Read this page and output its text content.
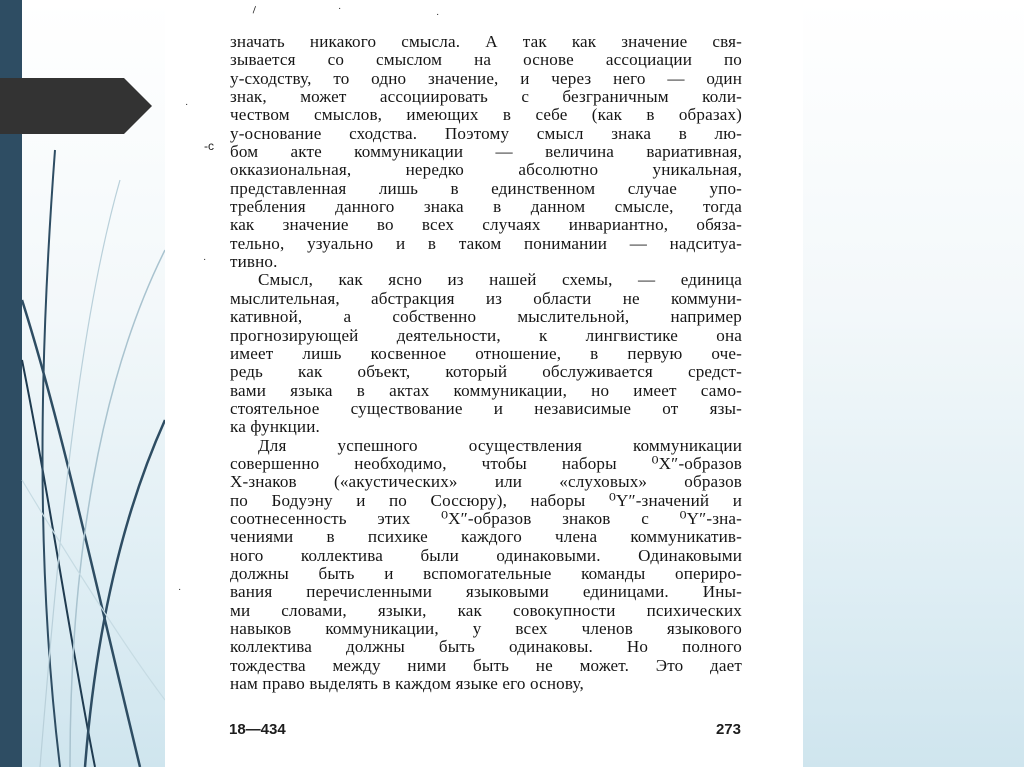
\	·
·
-c
·
·
·
значать никакого смысла. А так как значение свя-
зывается со смыслом на основе ассоциации по
y-сходству, то одно значение, и через него — один
знак, может ассоциировать с безграничным коли-
чеством смыслов, имеющих в себе (как в образах)
y-основание сходства. Поэтому смысл знака в лю-
бом акте коммуникации — величина вариативная,
окказиональная, нередко абсолютно уникальная,
представленная лишь в единственном случае упо-
требления данного знака в данном смысле, тогда
как значение во всех случаях инвариантно, обяза-
тельно, узуально и в таком понимании — надситуа-
тивно.
Смысл, как ясно из нашей схемы, — единица
мыслительная, абстракция из области не коммуни-
кативной, а собственно мыслительной, например
прогнозирующей деятельности, к лингвистике она
имеет лишь косвенное отношение, в первую оче-
редь как объект, который обслуживается средст-
вами языка в актах коммуникации, но имеет само-
стоятельное существование и независимые от язы-
ка функции.
Для успешного осуществления коммуникации
совершенно необходимо, чтобы наборы ⁰X″-образов
X-знаков («акустических» или «слуховых» образов
по Бодуэну и по Соссюру), наборы ⁰Y″-значений и
соотнесенность этих ⁰X″-образов знаков с ⁰Y″-зна-
чениями в психике каждого члена коммуникатив-
ного коллектива были одинаковыми. Одинаковыми
должны быть и вспомогательные команды опериро-
вания перечисленными языковыми единицами. Ины-
ми словами, языки, как совокупности психических
навыков коммуникации, у всех членов языкового
коллектива должны быть одинаковы. Но полного
тождества между ними быть не может. Это дает
нам право выделять в каждом языке его основу,
18—434	273
